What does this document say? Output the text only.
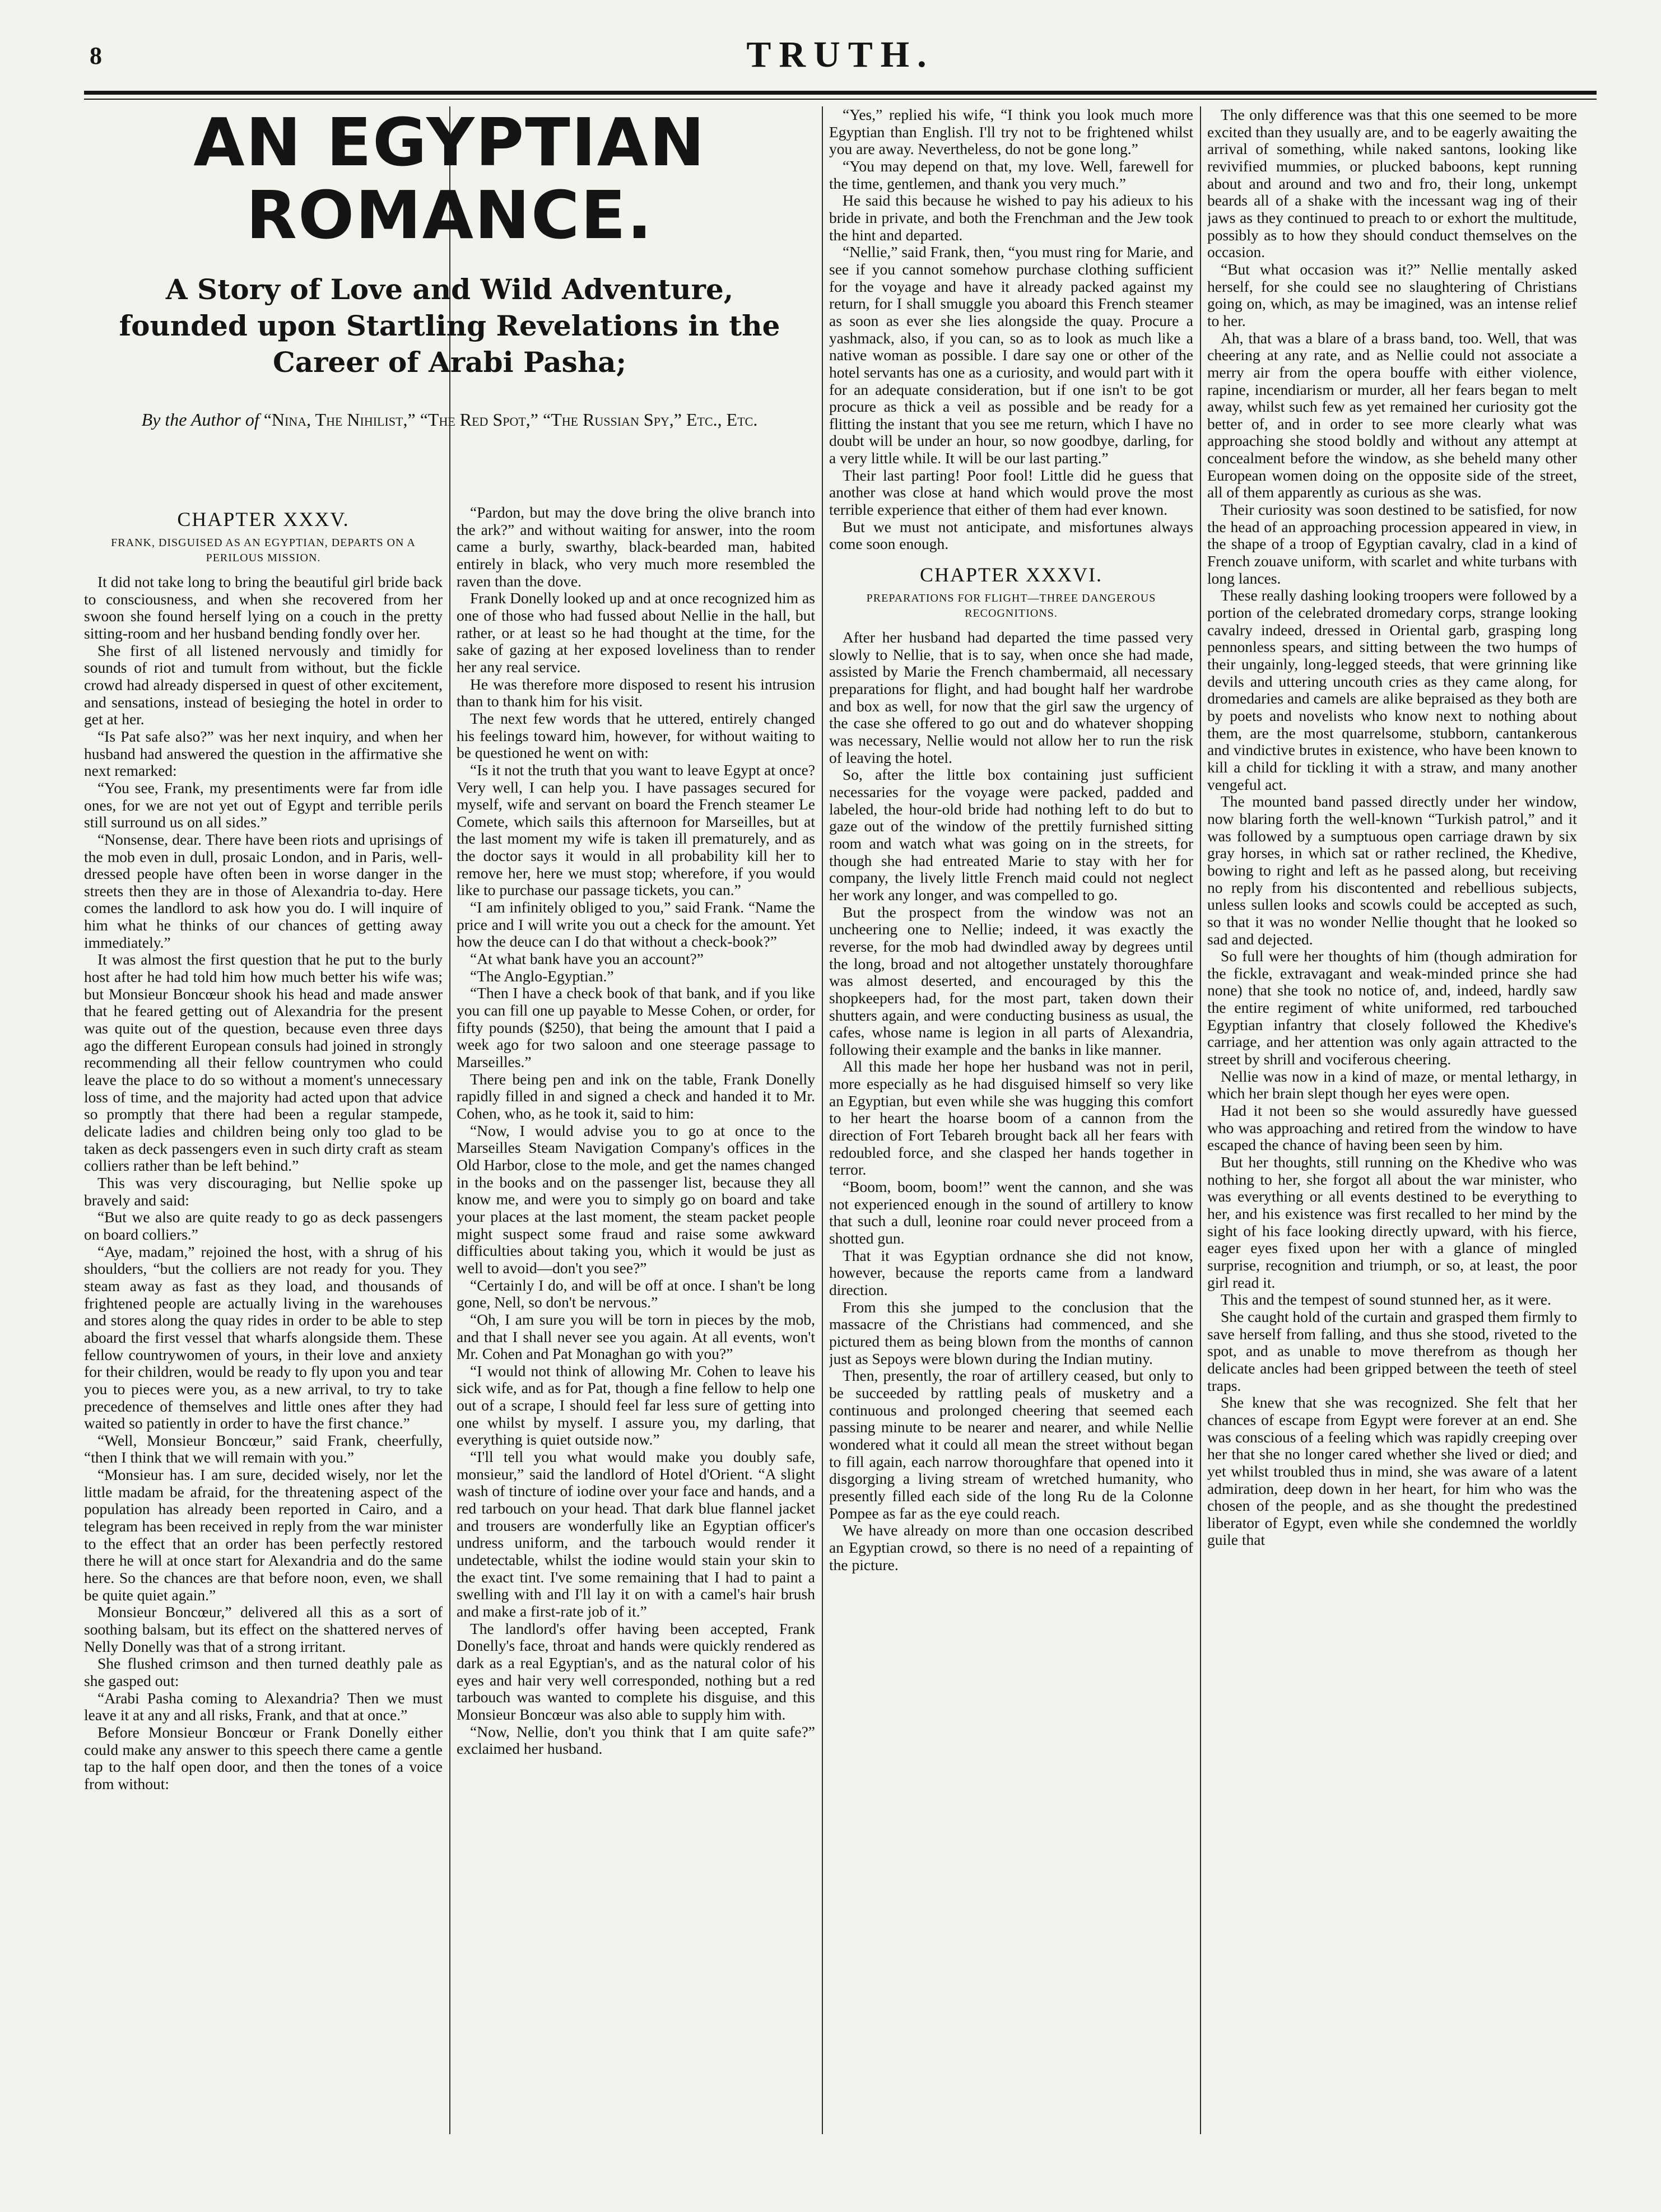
8	TRUTH.
AN EGYPTIAN ROMANCE.
A Story of Love and Wild Adventure, founded upon Startling Revelations in the Career of Arabi Pasha;
By the Author of “Nina, The Nihilist,” “The Red Spot,” “The Russian Spy,” Etc., Etc.
CHAPTER XXXV.
FRANK, DISGUISED AS AN EGYPTIAN, DEPARTS ON A PERILOUS MISSION.

It did not take long to bring the beautiful girl bride back to consciousness, and when she recovered from her swoon she found herself lying on a couch in the pretty sitting-room and her husband bending fondly over her.

She first of all listened nervously and timidly for sounds of riot and tumult from without, but the fickle crowd had already dispersed in quest of other excitement, and sensations, instead of besieging the hotel in order to get at her.

“Is Pat safe also?” was her next inquiry, and when her husband had answered the question in the affirmative she next remarked:

“You see, Frank, my presentiments were far from idle ones, for we are not yet out of Egypt and terrible perils still surround us on all sides.”

“Nonsense, dear. There have been riots and uprisings of the mob even in dull, prosaic London, and in Paris, well-dressed people have often been in worse danger in the streets then they are in those of Alexandria to-day. Here comes the landlord to ask how you do. I will inquire of him what he thinks of our chances of getting away immediately.”

It was almost the first question that he put to the burly host after he had told him how much better his wife was; but Monsieur Boncœur shook his head and made answer that he feared getting out of Alexandria for the present was quite out of the question, because even three days ago the different European consuls had joined in strongly recommending all their fellow countrymen who could leave the place to do so without a moment's unnecessary loss of time, and the majority had acted upon that advice so promptly that there had been a regular stampede, delicate ladies and children being only too glad to be taken as deck passengers even in such dirty craft as steam colliers rather than be left behind.”

This was very discouraging, but Nellie spoke up bravely and said:

“But we also are quite ready to go as deck passengers on board colliers.”

“Aye, madam,” rejoined the host, with a shrug of his shoulders, “but the colliers are not ready for you. They steam away as fast as they load, and thousands of frightened people are actually living in the warehouses and stores along the quay rides in order to be able to step aboard the first vessel that wharfs alongside them. These fellow countrywomen of yours, in their love and anxiety for their children, would be ready to fly upon you and tear you to pieces were you, as a new arrival, to try to take precedence of themselves and little ones after they had waited so patiently in order to have the first chance.”

“Well, Monsieur Boncœur,” said Frank, cheerfully, “then I think that we will remain with you.”

“Monsieur has. I am sure, decided wisely, nor let the little madam be afraid, for the threatening aspect of the population has already been reported in Cairo, and a telegram has been received in reply from the war minister to the effect that an order has been perfectly restored there he will at once start for Alexandria and do the same here. So the chances are that before noon, even, we shall be quite quiet again.”

Monsieur Boncœur,” delivered all this as a sort of soothing balsam, but its effect on the shattered nerves of Nelly Donelly was that of a strong irritant.

She flushed crimson and then turned deathly pale as she gasped out:

“Arabi Pasha coming to Alexandria? Then we must leave it at any and all risks, Frank, and that at once.”

Before Monsieur Boncœur or Frank Donelly either could make any answer to this speech there came a gentle tap to the half open door, and then the tones of a voice from without:

“Pardon, but may the dove bring the olive branch into the ark?” and without waiting for answer, into the room came a burly, swarthy, black-bearded man, habited entirely in black, who very much more resembled the raven than the dove.

Frank Donelly looked up and at once recognized him as one of those who had fussed about Nellie in the hall, but rather, or at least so he had thought at the time, for the sake of gazing at her exposed loveliness than to render her any real service.

He was therefore more disposed to resent his intrusion than to thank him for his visit.

The next few words that he uttered, entirely changed his feelings toward him, however, for without waiting to be questioned he went on with:

“Is it not the truth that you want to leave Egypt at once? Very well, I can help you. I have passages secured for myself, wife and servant on board the French steamer Le Comete, which sails this afternoon for Marseilles, but at the last moment my wife is taken ill prematurely, and as the doctor says it would in all probability kill her to remove her, here we must stop; wherefore, if you would like to purchase our passage tickets, you can.”

“I am infinitely obliged to you,” said Frank. “Name the price and I will write you out a check for the amount. Yet how the deuce can I do that without a check-book?”

“At what bank have you an account?”

“The Anglo-Egyptian.”

“Then I have a check book of that bank, and if you like you can fill one up payable to Messe Cohen, or order, for fifty pounds ($250), that being the amount that I paid a week ago for two saloon and one steerage passage to Marseilles.”

There being pen and ink on the table, Frank Donelly rapidly filled in and signed a check and handed it to Mr. Cohen, who, as he took it, said to him:

“Now, I would advise you to go at once to the Marseilles Steam Navigation Company's offices in the Old Harbor, close to the mole, and get the names changed in the books and on the passenger list, because they all know me, and were you to simply go on board and take your places at the last moment, the steam packet people might suspect some fraud and raise some awkward difficulties about taking you, which it would be just as well to avoid—don't you see?”

“Certainly I do, and will be off at once. I shan't be long gone, Nell, so don't be nervous.”

“Oh, I am sure you will be torn in pieces by the mob, and that I shall never see you again. At all events, won't Mr. Cohen and Pat Monaghan go with you?”

“I would not think of allowing Mr. Cohen to leave his sick wife, and as for Pat, though a fine fellow to help one out of a scrape, I should feel far less sure of getting into one whilst by myself. I assure you, my darling, that everything is quiet outside now.”

“I'll tell you what would make you doubly safe, monsieur,” said the landlord of Hotel d'Orient. “A slight wash of tincture of iodine over your face and hands, and a red tarbouch on your head. That dark blue flannel jacket and trousers are wonderfully like an Egyptian officer's undress uniform, and the tarbouch would render it undetectable, whilst the iodine would stain your skin to the exact tint. I've some remaining that I had to paint a swelling with and I'll lay it on with a camel's hair brush and make a first-rate job of it.”

The landlord's offer having been accepted, Frank Donelly's face, throat and hands were quickly rendered as dark as a real Egyptian's, and as the natural color of his eyes and hair very well corresponded, nothing but a red tarbouch was wanted to complete his disguise, and this Monsieur Boncœur was also able to supply him with.

“Now, Nellie, don't you think that I am quite safe?” exclaimed her husband.

“Yes,” replied his wife, “I think you look much more Egyptian than English. I'll try not to be frightened whilst you are away. Nevertheless, do not be gone long.”

“You may depend on that, my love. Well, farewell for the time, gentlemen, and thank you very much.”

He said this because he wished to pay his adieux to his bride in private, and both the Frenchman and the Jew took the hint and departed.

“Nellie,” said Frank, then, “you must ring for Marie, and see if you cannot somehow purchase clothing sufficient for the voyage and have it already packed against my return, for I shall smuggle you aboard this French steamer as soon as ever she lies alongside the quay. Procure a yashmack, also, if you can, so as to look as much like a native woman as possible. I dare say one or other of the hotel servants has one as a curiosity, and would part with it for an adequate consideration, but if one isn't to be got procure as thick a veil as possible and be ready for a flitting the instant that you see me return, which I have no doubt will be under an hour, so now goodbye, darling, for a very little while. It will be our last parting.”

Their last parting! Poor fool! Little did he guess that another was close at hand which would prove the most terrible experience that either of them had ever known.

But we must not anticipate, and misfortunes always come soon enough.

CHAPTER XXXVI.
PREPARATIONS FOR FLIGHT—THREE DANGEROUS RECOGNITIONS.

After her husband had departed the time passed very slowly to Nellie, that is to say, when once she had made, assisted by Marie the French chambermaid, all necessary preparations for flight, and had bought half her wardrobe and box as well, for now that the girl saw the urgency of the case she offered to go out and do whatever shopping was necessary, Nellie would not allow her to run the risk of leaving the hotel.

So, after the little box containing just sufficient necessaries for the voyage were packed, padded and labeled, the hour-old bride had nothing left to do but to gaze out of the window of the prettily furnished sitting room and watch what was going on in the streets, for though she had entreated Marie to stay with her for company, the lively little French maid could not neglect her work any longer, and was compelled to go.

But the prospect from the window was not an uncheering one to Nellie; indeed, it was exactly the reverse, for the mob had dwindled away by degrees until the long, broad and not altogether unstately thoroughfare was almost deserted, and encouraged by this the shopkeepers had, for the most part, taken down their shutters again, and were conducting business as usual, the cafes, whose name is legion in all parts of Alexandria, following their example and the banks in like manner.

All this made her hope her husband was not in peril, more especially as he had disguised himself so very like an Egyptian, but even while she was hugging this comfort to her heart the hoarse boom of a cannon from the direction of Fort Tebareh brought back all her fears with redoubled force, and she clasped her hands together in terror.

“Boom, boom, boom!” went the cannon, and she was not experienced enough in the sound of artillery to know that such a dull, leonine roar could never proceed from a shotted gun.

That it was Egyptian ordnance she did not know, however, because the reports came from a landward direction.

From this she jumped to the conclusion that the massacre of the Christians had commenced, and she pictured them as being blown from the months of cannon just as Sepoys were blown during the Indian mutiny.

Then, presently, the roar of artillery ceased, but only to be succeeded by rattling peals of musketry and a continuous and prolonged cheering that seemed each passing minute to be nearer and nearer, and while Nellie wondered what it could all mean the street without began to fill again, each narrow thoroughfare that opened into it disgorging a living stream of wretched humanity, who presently filled each side of the long Ru de la Colonne Pompee as far as the eye could reach.

We have already on more than one occasion described an Egyptian crowd, so there is no need of a repainting of the picture.

The only difference was that this one seemed to be more excited than they usually are, and to be eagerly awaiting the arrival of something, while naked santons, looking like revivified mummies, or plucked baboons, kept running about and around and two and fro, their long, unkempt beards all of a shake with the incessant wag ing of their jaws as they continued to preach to or exhort the multitude, possibly as to how they should conduct themselves on the occasion.

“But what occasion was it?” Nellie mentally asked herself, for she could see no slaughtering of Christians going on, which, as may be imagined, was an intense relief to her.

Ah, that was a blare of a brass band, too. Well, that was cheering at any rate, and as Nellie could not associate a merry air from the opera bouffe with either violence, rapine, incendiarism or murder, all her fears began to melt away, whilst such few as yet remained her curiosity got the better of, and in order to see more clearly what was approaching she stood boldly and without any attempt at concealment before the window, as she beheld many other European women doing on the opposite side of the street, all of them apparently as curious as she was.

Their curiosity was soon destined to be satisfied, for now the head of an approaching procession appeared in view, in the shape of a troop of Egyptian cavalry, clad in a kind of French zouave uniform, with scarlet and white turbans with long lances.

These really dashing looking troopers were followed by a portion of the celebrated dromedary corps, strange looking cavalry indeed, dressed in Oriental garb, grasping long pennonless spears, and sitting between the two humps of their ungainly, long-legged steeds, that were grinning like devils and uttering uncouth cries as they came along, for dromedaries and camels are alike bepraised as they both are by poets and novelists who know next to nothing about them, are the most quarrelsome, stubborn, cantankerous and vindictive brutes in existence, who have been known to kill a child for tickling it with a straw, and many another vengeful act.

The mounted band passed directly under her window, now blaring forth the well-known “Turkish patrol,” and it was followed by a sumptuous open carriage drawn by six gray horses, in which sat or rather reclined, the Khedive, bowing to right and left as he passed along, but receiving no reply from his discontented and rebellious subjects, unless sullen looks and scowls could be accepted as such, so that it was no wonder Nellie thought that he looked so sad and dejected.

So full were her thoughts of him (though admiration for the fickle, extravagant and weak-minded prince she had none) that she took no notice of, and, indeed, hardly saw the entire regiment of white uniformed, red tarbouched Egyptian infantry that closely followed the Khedive's carriage, and her attention was only again attracted to the street by shrill and vociferous cheering.

Nellie was now in a kind of maze, or mental lethargy, in which her brain slept though her eyes were open.

Had it not been so she would assuredly have guessed who was approaching and retired from the window to have escaped the chance of having been seen by him.

But her thoughts, still running on the Khedive who was nothing to her, she forgot all about the war minister, who was everything or all events destined to be everything to her, and his existence was first recalled to her mind by the sight of his face looking directly upward, with his fierce, eager eyes fixed upon her with a glance of mingled surprise, recognition and triumph, or so, at least, the poor girl read it.

This and the tempest of sound stunned her, as it were.

She caught hold of the curtain and grasped them firmly to save herself from falling, and thus she stood, riveted to the spot, and as unable to move therefrom as though her delicate ancles had been gripped between the teeth of steel traps.

She knew that she was recognized. She felt that her chances of escape from Egypt were forever at an end. She was conscious of a feeling which was rapidly creeping over her that she no longer cared whether she lived or died; and yet whilst troubled thus in mind, she was aware of a latent admiration, deep down in her heart, for him who was the chosen of the people, and as she thought the predestined liberator of Egypt, even while she condemned the worldly guile that
